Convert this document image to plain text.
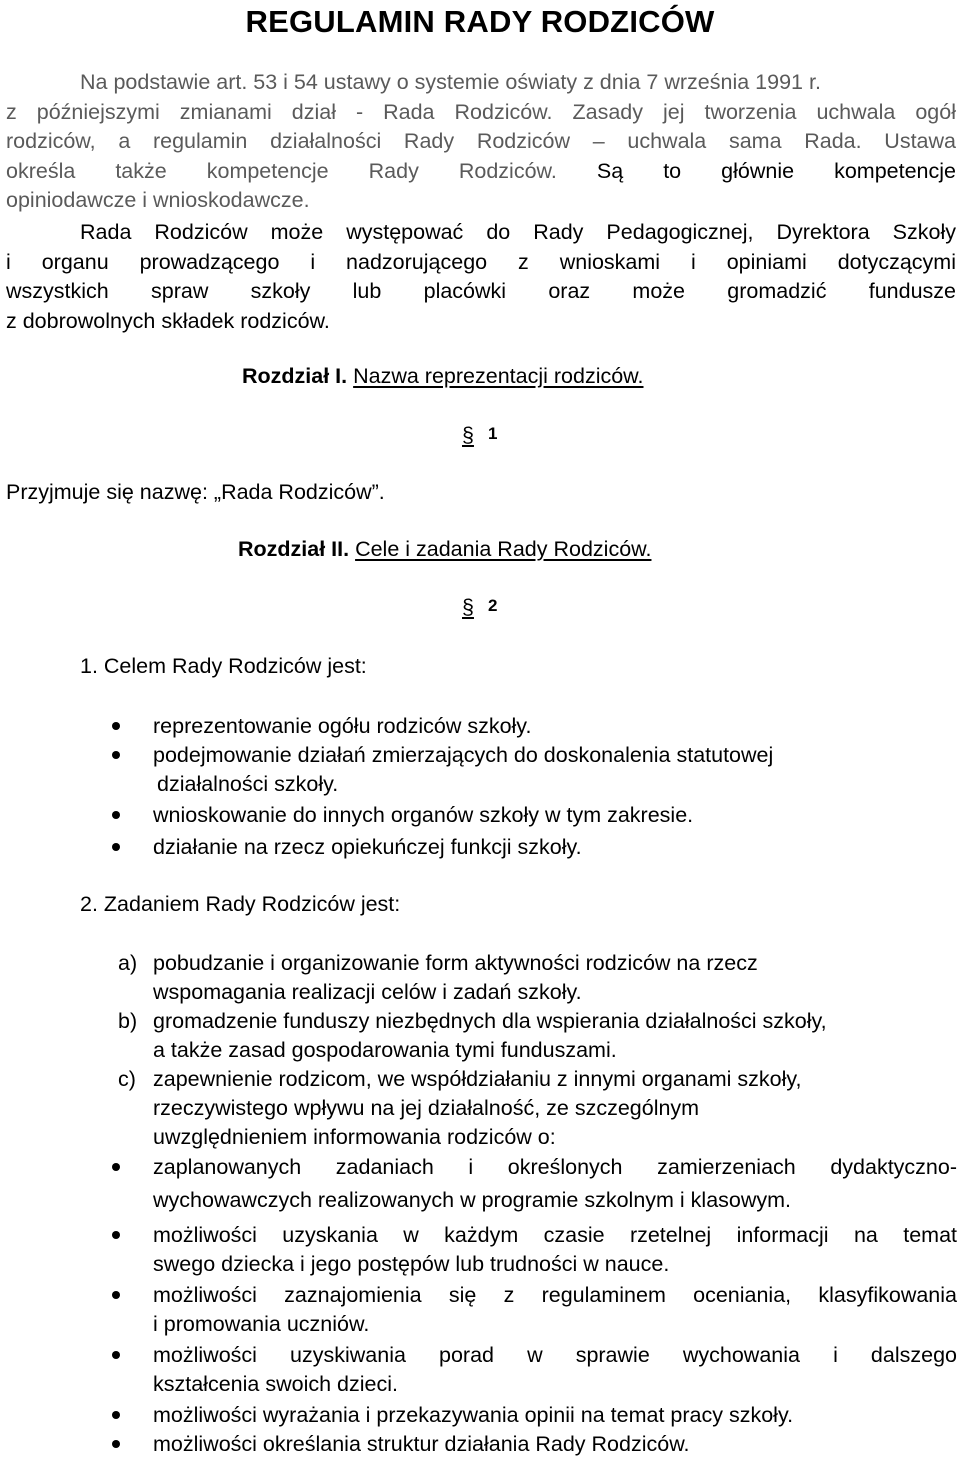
REGULAMIN RADY RODZICÓW
Na podstawie art. 53 i 54 ustawy o systemie oświaty z dnia 7 września 1991 r.
z późniejszymi zmianami dział - Rada Rodziców. Zasady jej tworzenia uchwala ogół
rodziców, a regulamin działalności Rady Rodziców – uchwala sama Rada. Ustawa
określa także kompetencje Rady Rodziców. Są to głównie kompetencje
opiniodawcze i wnioskodawcze.
Rada Rodziców może występować do Rady Pedagogicznej, Dyrektora Szkoły
i organu prowadzącego i nadzorującego z wnioskami i opiniami dotyczącymi
wszystkich spraw szkoły lub placówki oraz może gromadzić fundusze
z dobrowolnych składek rodziców.
Rozdział I. Nazwa reprezentacji rodziców.
§ 1
Przyjmuje się nazwę: „Rada Rodziców”.
Rozdział II. Cele i zadania Rady Rodziców.
§ 2
1. Celem Rady Rodziców jest:
reprezentowanie ogółu rodziców szkoły.
podejmowanie działań zmierzających do doskonalenia statutowej
działalności szkoły.
wnioskowanie do innych organów szkoły w tym zakresie.
działanie na rzecz opiekuńczej funkcji szkoły.
2. Zadaniem Rady Rodziców jest:
a) pobudzanie i organizowanie form aktywności rodziców na rzecz
wspomagania realizacji celów i zadań szkoły.
b) gromadzenie funduszy niezbędnych dla wspierania działalności szkoły,
a także zasad gospodarowania tymi funduszami.
c) zapewnienie rodzicom, we współdziałaniu z innymi organami szkoły,
rzeczywistego wpływu na jej działalność, ze szczególnym
uwzględnieniem informowania rodziców o:
zaplanowanych zadaniach i określonych zamierzeniach dydaktyczno-
wychowawczych realizowanych w programie szkolnym i klasowym.
możliwości uzyskania w każdym czasie rzetelnej informacji na temat
swego dziecka i jego postępów lub trudności w nauce.
możliwości zaznajomienia się z regulaminem oceniania, klasyfikowania
i promowania uczniów.
możliwości uzyskiwania porad w sprawie wychowania i dalszego
kształcenia swoich dzieci.
możliwości wyrażania i przekazywania opinii na temat pracy szkoły.
możliwości określania struktur działania Rady Rodziców.
